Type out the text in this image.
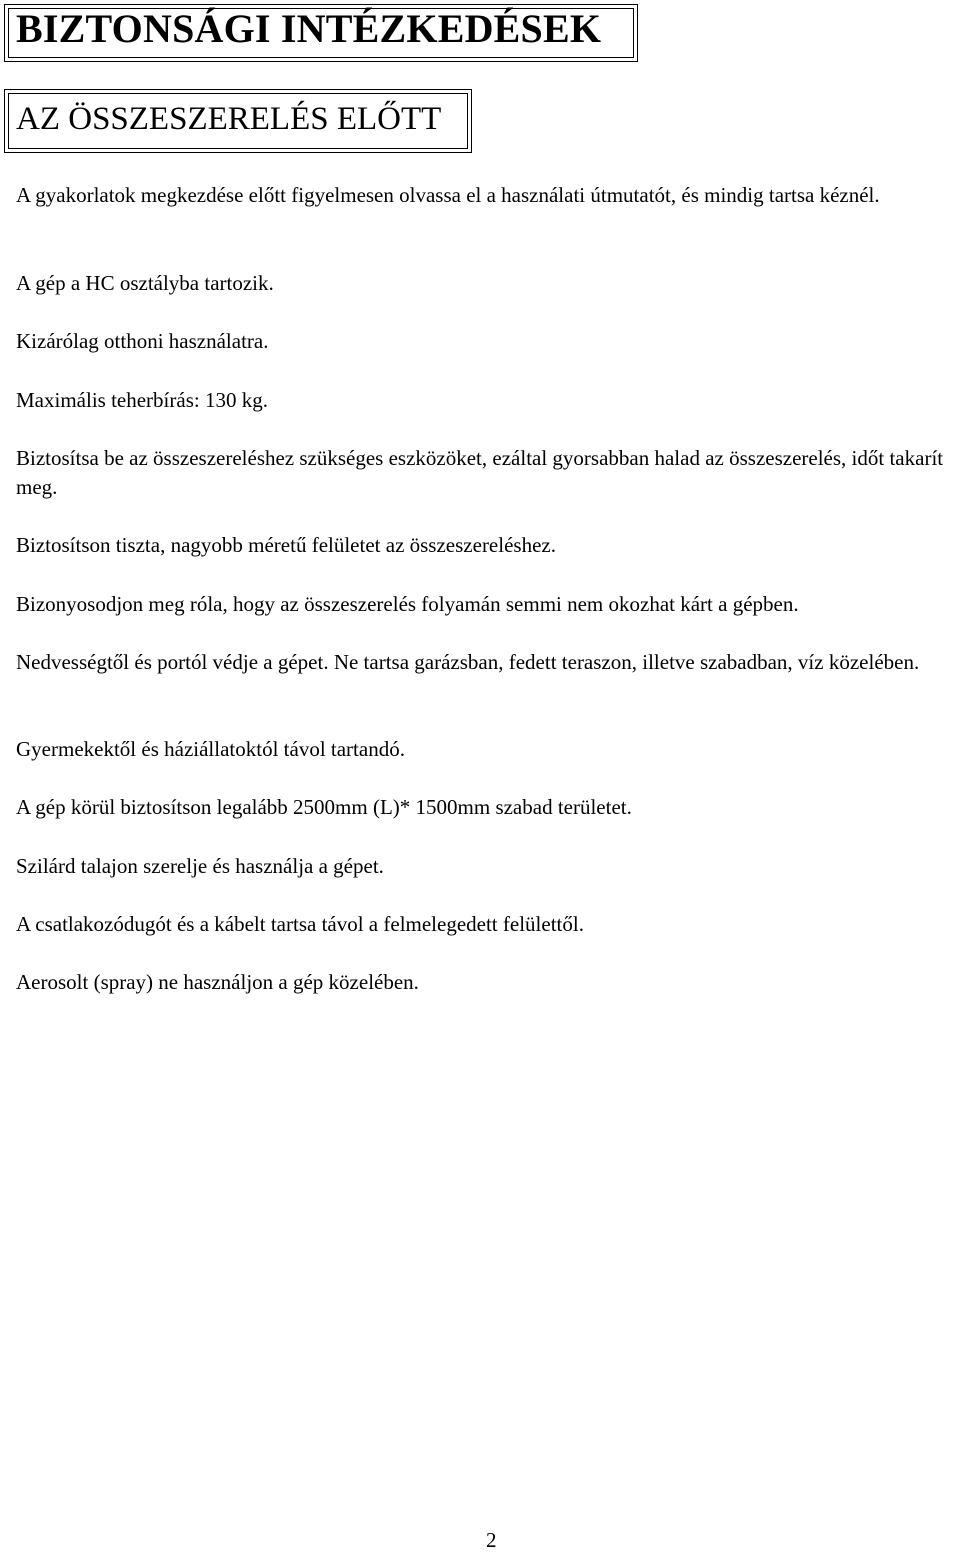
BIZTONSÁGI INTÉZKEDÉSEK
AZ ÖSSZESZERELÉS ELŐTT

A gyakorlatok megkezdése előtt figyelmesen olvassa el a használati útmutatót, és mindig tartsa kéznél.

A gép a HC osztályba tartozik.

Kizárólag otthoni használatra.

Maximális teherbírás: 130 kg.

Biztosítsa be az összeszereléshez szükséges eszközöket, ezáltal gyorsabban halad az összeszerelés, időt takarít meg.

Biztosítson tiszta, nagyobb méretű felületet az összeszereléshez.

Bizonyosodjon meg róla, hogy az összeszerelés folyamán semmi nem okozhat kárt a gépben.

Nedvességtől és portól védje a gépet. Ne tartsa garázsban, fedett teraszon, illetve szabadban, víz közelében.

Gyermekektől és háziállatoktól távol tartandó.

A gép körül biztosítson legalább 2500mm (L)* 1500mm szabad területet.

Szilárd talajon szerelje és használja a gépet.

A csatlakozódugót és a kábelt tartsa távol a felmelegedett felülettől.

Aerosolt (spray) ne használjon a gép közelében.

2
